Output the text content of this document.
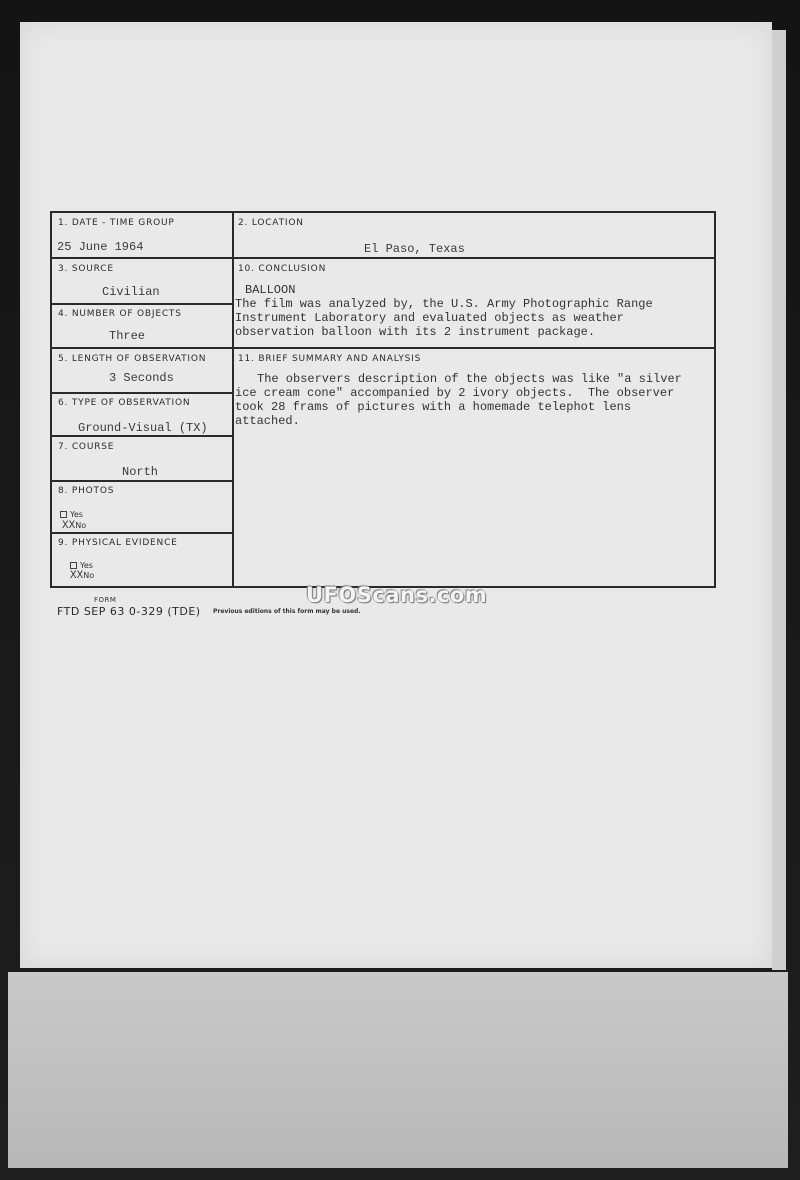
1. DATE - TIME GROUP
25 June 1964
2. LOCATION
El Paso, Texas
3. SOURCE
Civilian
4. NUMBER OF OBJECTS
Three
10. CONCLUSION
BALLOON
The film was analyzed by, the U.S. Army Photographic Range
Instrument Laboratory and evaluated objects as weather
observation balloon with its 2 instrument package.
5. LENGTH OF OBSERVATION
3 Seconds
6. TYPE OF OBSERVATION
Ground-Visual (TX)
7. COURSE
North
8. PHOTOS
Yes
XXNo
9. PHYSICAL EVIDENCE
Yes
XXNo
11. BRIEF SUMMARY AND ANALYSIS
The observers description of the objects was like "a silver
ice cream cone" accompanied by 2 ivory objects.  The observer
took 28 frams of pictures with a homemade telephot lens
attached.
FORM
FTD SEP 63 0-329 (TDE) Previous editions of this form may be used.
UFOScans.com
